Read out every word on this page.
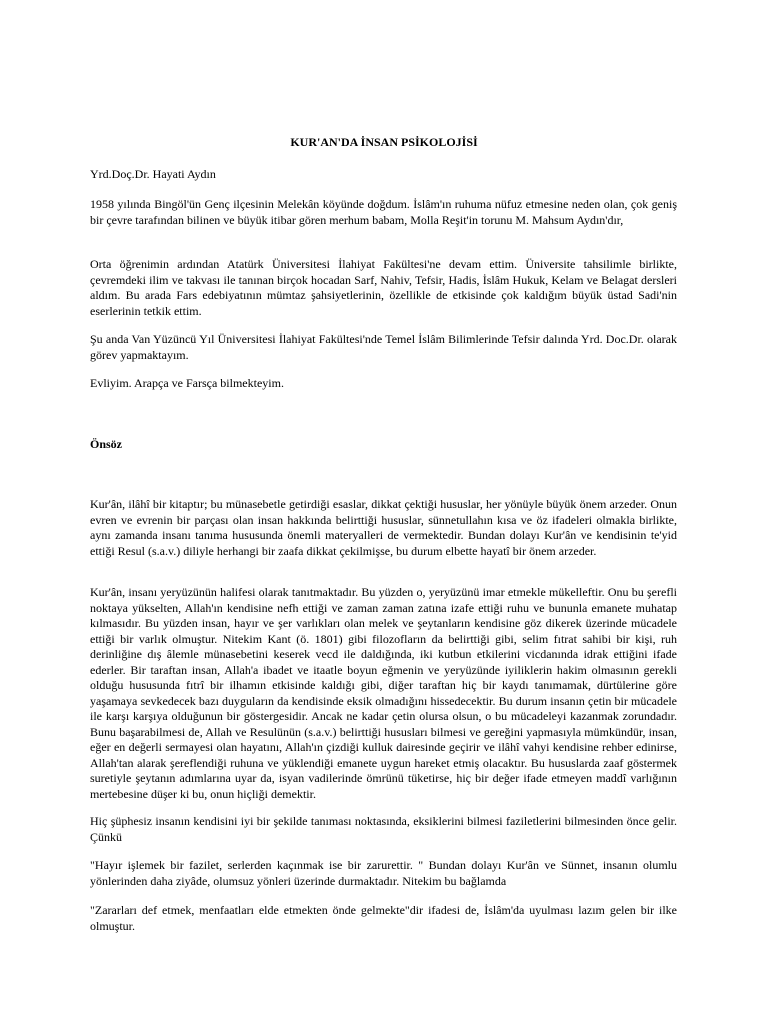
KUR'AN'DA İNSAN PSİKOLOJİSİ

Yrd.Doç.Dr. Hayati Aydın

1958 yılında Bingöl'ün Genç ilçesinin Melekân köyünde doğdum. İslâm'ın ruhuma nüfuz etmesine neden olan, çok geniş bir çevre tarafından bilinen ve büyük itibar gören merhum babam, Molla Reşit'in torunu M. Mahsum Aydın'dır,

Orta öğrenimin ardından Atatürk Üniversitesi İlahiyat Fakültesi'ne devam ettim. Üniversite tahsilimle birlikte, çevremdeki ilim ve takvası ile tanınan birçok hocadan Sarf, Nahiv, Tefsir, Hadis, İslâm Hukuk, Kelam ve Belagat dersleri aldım. Bu arada Fars edebiyatının mümtaz şahsiyetlerinin, özellikle de etkisinde çok kaldığım büyük üstad Sadi'nin eserlerinin tetkik ettim.

Şu anda Van Yüzüncü Yıl Üniversitesi İlahiyat Fakültesi'nde Temel İslâm Bilimlerinde Tefsir dalında Yrd. Doc.Dr. olarak görev yapmaktayım.

Evliyim. Arapça ve Farsça bilmekteyim.

Önsöz

Kur'ân, ilâhî bir kitaptır; bu münasebetle getirdiği esaslar, dikkat çektiği hususlar, her yönüyle büyük önem arzeder. Onun evren ve evrenin bir parçası olan insan hakkında belirttiği hususlar, sünnetullahın kısa ve öz ifadeleri olmakla birlikte, aynı zamanda insanı tanıma hususunda önemli materyalleri de vermektedir. Bundan dolayı Kur'ân ve kendisinin te'yid ettiği Resul (s.a.v.) diliyle herhangi bir zaafa dikkat çekilmişse, bu durum elbette hayatî bir önem arzeder.

Kur'ân, insanı yeryüzünün halifesi olarak tanıtmaktadır. Bu yüzden o, yeryüzünü imar etmekle mükelleftir. Onu bu şerefli noktaya yükselten, Allah'ın kendisine nefh ettiği ve zaman zaman zatına izafe ettiği ruhu ve bununla emanete muhatap kılmasıdır. Bu yüzden insan, hayır ve şer varlıkları olan melek ve şeytanların kendisine göz dikerek üzerinde mücadele ettiği bir varlık olmuştur. Nitekim Kant (ö. 1801) gibi filozofların da belirttiği gibi, selim fıtrat sahibi bir kişi, ruh derinliğine dış âlemle münasebetini keserek vecd ile daldığında, iki kutbun etkilerini vicdanında idrak ettiğini ifade ederler. Bir taraftan insan, Allah'a ibadet ve itaatle boyun eğmenin ve yeryüzünde iyiliklerin hakim olmasının gerekli olduğu hususunda fıtrî bir ilhamın etkisinde kaldığı gibi, diğer taraftan hiç bir kaydı tanımamak, dürtülerine göre yaşamaya sevkedecek bazı duyguların da kendisinde eksik olmadığını hissedecektir. Bu durum insanın çetin bir mücadele ile karşı karşıya olduğunun bir göstergesidir. Ancak ne kadar çetin olursa olsun, o bu mücadeleyi kazanmak zorundadır. Bunu başarabilmesi de, Allah ve Resulünün (s.a.v.) belirttiği hususları bilmesi ve gereğini yapmasıyla mümkündür, insan, eğer en değerli sermayesi olan hayatını, Allah'ın çizdiği kulluk dairesinde geçirir ve ilâhî vahyi kendisine rehber edinirse, Allah'tan alarak şereflendiği ruhuna ve yüklendiği emanete uygun hareket etmiş olacaktır. Bu hususlarda zaaf göstermek suretiyle şeytanın adımlarına uyar da, isyan vadilerinde ömrünü tüketirse, hiç bir değer ifade etmeyen maddî varlığının mertebesine düşer ki bu, onun hiçliği demektir.

Hiç şüphesiz insanın kendisini iyi bir şekilde tanıması noktasında, eksiklerini bilmesi faziletlerini bilmesinden önce gelir. Çünkü

"Hayır işlemek bir fazilet, serlerden kaçınmak ise bir zarurettir. " Bundan dolayı Kur'ân ve Sünnet, insanın olumlu yönlerinden daha ziyâde, olumsuz yönleri üzerinde durmaktadır. Nitekim bu bağlamda

"Zararları def etmek, menfaatları elde etmekten önde gelmekte"dir ifadesi de, İslâm'da uyulması lazım gelen bir ilke olmuştur.
